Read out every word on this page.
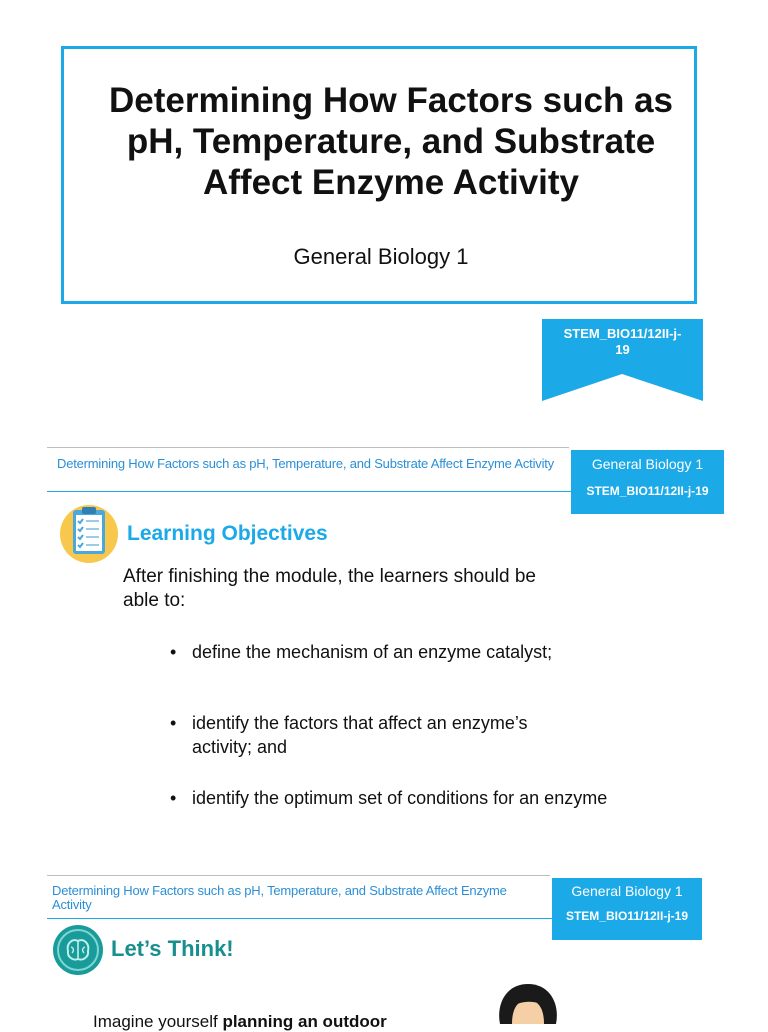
Determining How Factors such as
pH, Temperature, and Substrate
Affect Enzyme Activity
General Biology 1
STEM_BIO11/12II-j-
19
Determining How Factors such as pH, Temperature, and Substrate Affect Enzyme Activity	General Biology 1
STEM_BIO11/12II-j-19
Learning Objectives
After finishing the module, the learners should be able to:
• define the mechanism of an enzyme catalyst;
• identify the factors that affect an enzyme’s activity; and
• identify the optimum set of conditions for an enzyme
Determining How Factors such as pH, Temperature, and Substrate Affect Enzyme Activity
General Biology 1
STEM_BIO11/12II-j-19
Let’s Think!
Imagine yourself planning an outdoor
